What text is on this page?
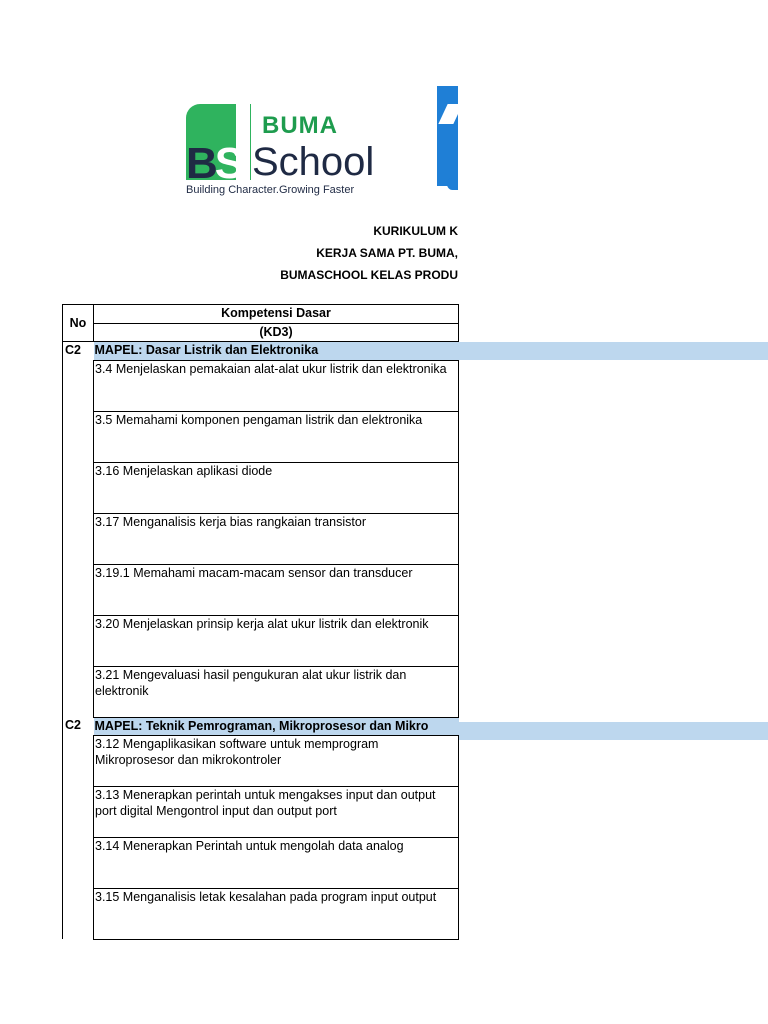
BS
BUMA
School
Building Character.Growing Faster
KURIKULUM K
KERJA SAMA PT. BUMA,
BUMASCHOOL KELAS PRODU
No	Kompetensi Dasar
	(KD3)
C2	MAPEL: Dasar Listrik dan Elektronika
	3.4 Menjelaskan pemakaian alat-alat ukur listrik dan elektronika
	3.5 Memahami komponen pengaman listrik dan elektronika
	3.16 Menjelaskan aplikasi diode
	3.17 Menganalisis kerja bias rangkaian transistor
	3.19.1 Memahami macam-macam sensor dan transducer
	3.20 Menjelaskan prinsip kerja alat ukur listrik dan elektronik
	3.21 Mengevaluasi hasil pengukuran alat ukur listrik dan elektronik
C2	MAPEL: Teknik Pemrograman, Mikroprosesor dan Mikro
	3.12 Mengaplikasikan software untuk memprogram Mikroprosesor dan mikrokontroler
	3.13 Menerapkan perintah untuk mengakses input dan output port digital Mengontrol input dan output port
	3.14 Menerapkan Perintah untuk mengolah data analog
	3.15 Menganalisis letak kesalahan pada program input output
